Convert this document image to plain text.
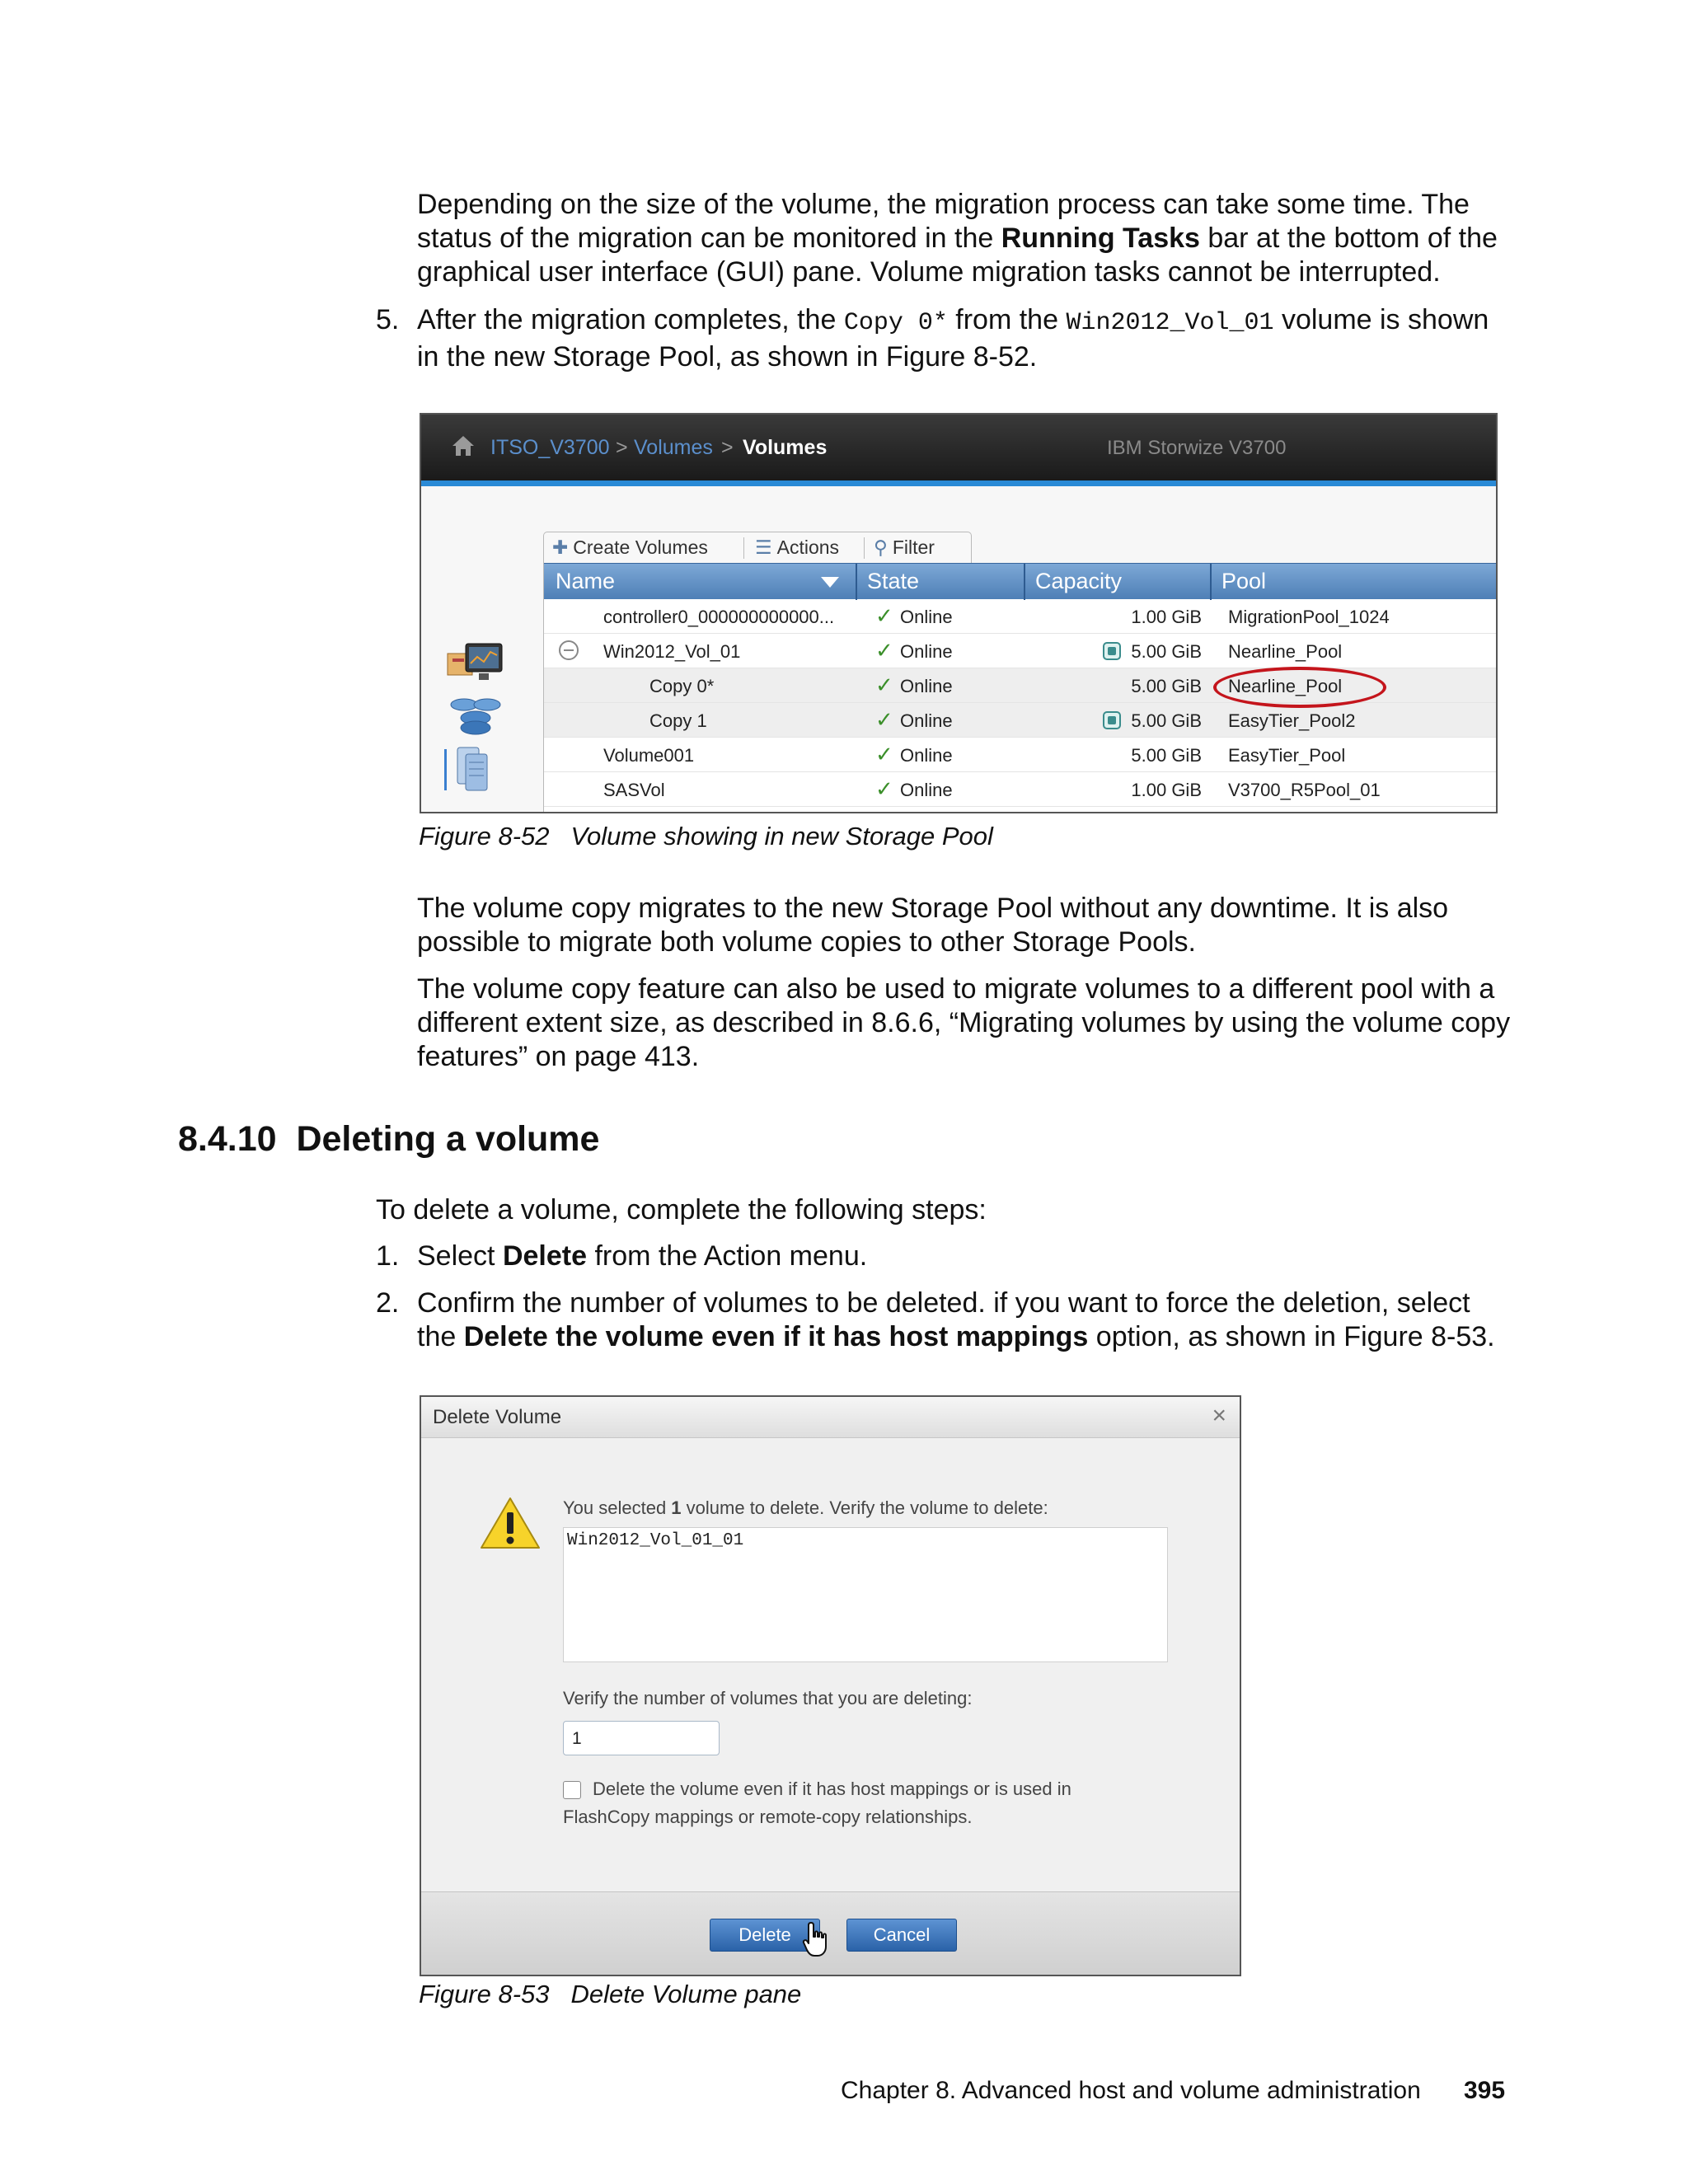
Depending on the size of the volume, the migration process can take some time. The status of the migration can be monitored in the Running Tasks bar at the bottom of the graphical user interface (GUI) pane. Volume migration tasks cannot be interrupted.
5. After the migration completes, the Copy 0* from the Win2012_Vol_01 volume is shown in the new Storage Pool, as shown in Figure 8-52.
ITSO_V3700 > Volumes > Volumes	IBM Storwize V3700
✚ Create Volumes ☰ Actions ⚲ Filter
Name	State	Capacity	Pool
controller0_000000000000... ✓ Online	1.00 GiB MigrationPool_1024
Win2012_Vol_01	✓ Online	5.00 GiB Nearline_Pool
Copy 0*	✓ Online	5.00 GiB Nearline_Pool
Copy 1	✓ Online	5.00 GiB EasyTier_Pool2
Volume001	✓ Online	5.00 GiB EasyTier_Pool
SASVol	✓ Online	1.00 GiB V3700_R5Pool_01
Figure 8-52 Volume showing in new Storage Pool
The volume copy migrates to the new Storage Pool without any downtime. It is also possible to migrate both volume copies to other Storage Pools.
The volume copy feature can also be used to migrate volumes to a different pool with a different extent size, as described in 8.6.6, “Migrating volumes by using the volume copy features” on page 413.
8.4.10 Deleting a volume
To delete a volume, complete the following steps:
1. Select Delete from the Action menu.
2. Confirm the number of volumes to be deleted. if you want to force the deletion, select the Delete the volume even if it has host mappings option, as shown in Figure 8-53.
Delete Volume	×
You selected 1 volume to delete. Verify the volume to delete:
Win2012_Vol_01_01
Verify the number of volumes that you are deleting:
1
Delete the volume even if it has host mappings or is used in
FlashCopy mappings or remote-copy relationships.
Delete	Cancel
Figure 8-53 Delete Volume pane
Chapter 8. Advanced host and volume administration 395
